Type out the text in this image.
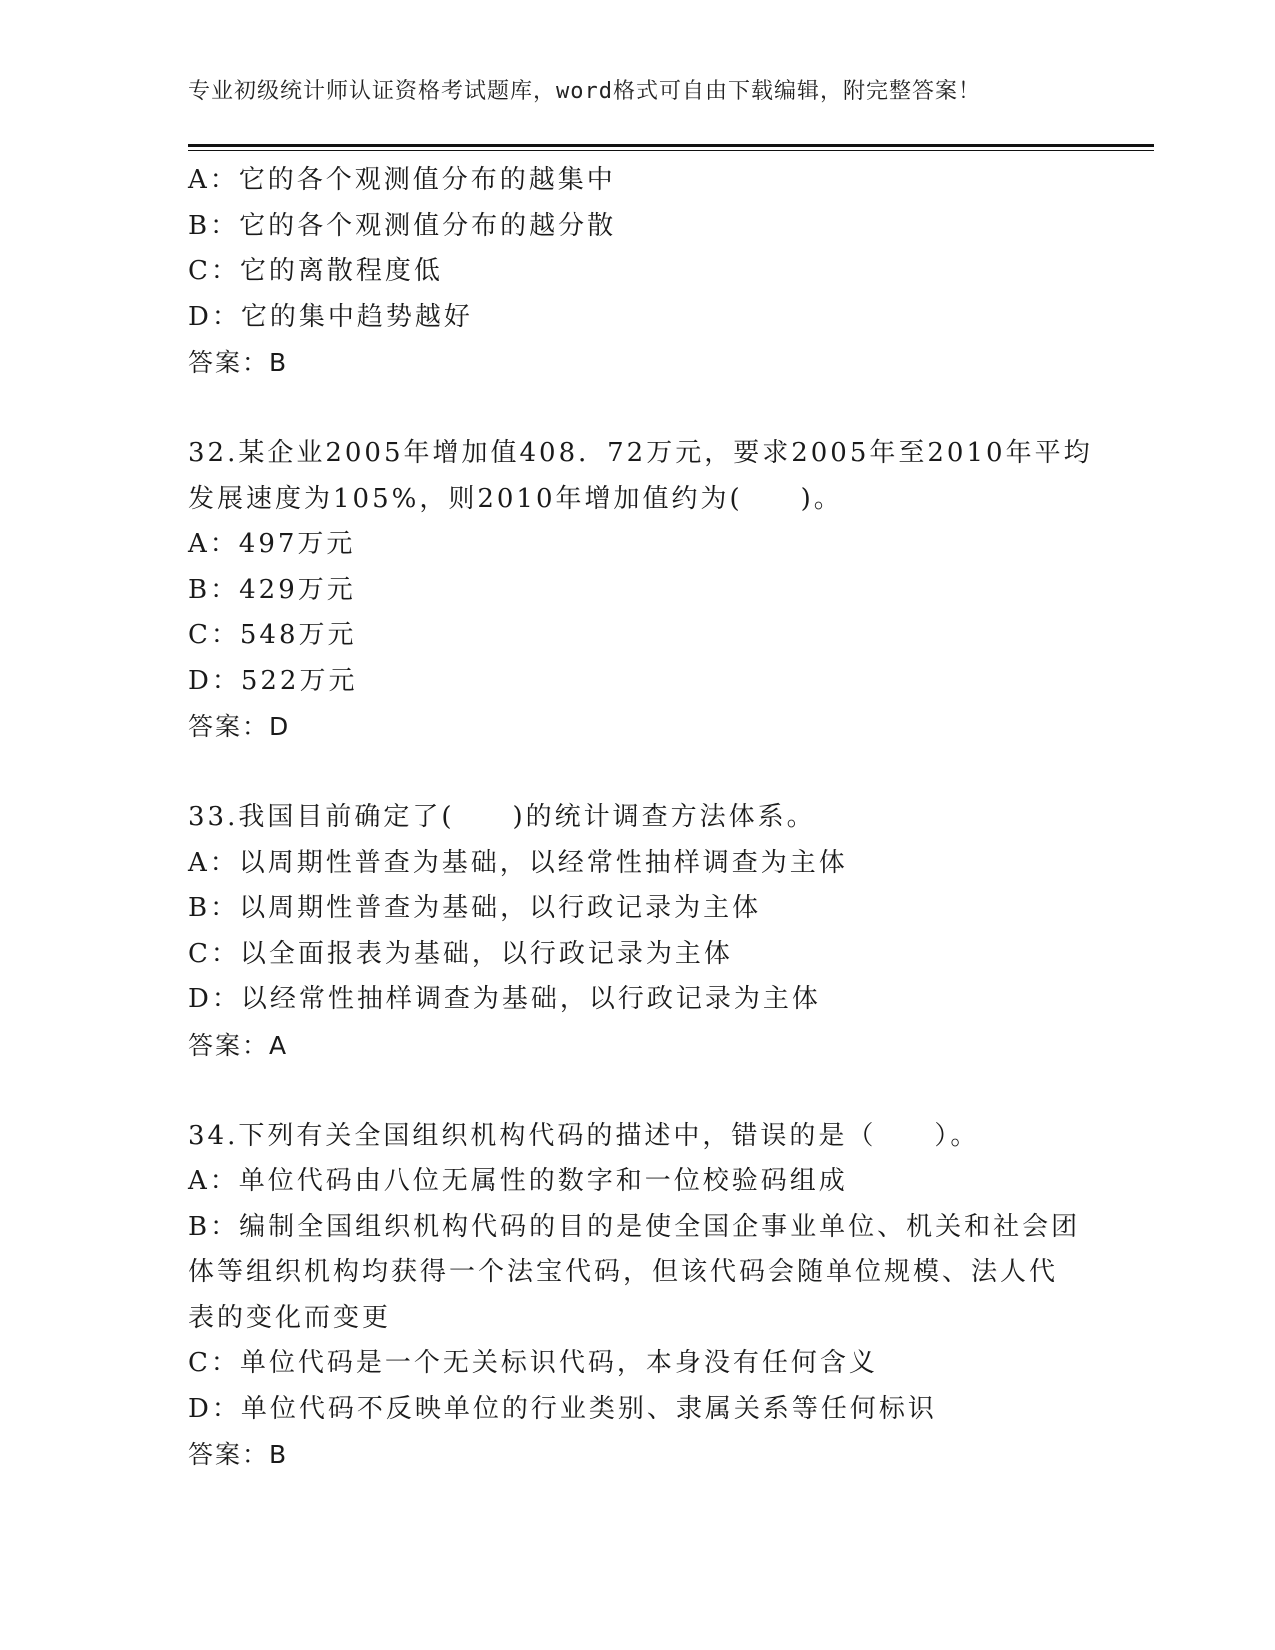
专业初级统计师认证资格考试题库，word格式可自由下载编辑，附完整答案！
A：它的各个观测值分布的越集中
B：它的各个观测值分布的越分散
C：它的离散程度低
D：它的集中趋势越好
答案：B
32.某企业2005年增加值408．72万元，要求2005年至2010年平均
发展速度为105%，则2010年增加值约为(　　)。
A：497万元
B：429万元
C：548万元
D：522万元
答案：D
33.我国目前确定了(　　)的统计调查方法体系。
A：以周期性普查为基础，以经常性抽样调查为主体
B：以周期性普查为基础，以行政记录为主体
C：以全面报表为基础，以行政记录为主体
D：以经常性抽样调查为基础，以行政记录为主体
答案：A
34.下列有关全国组织机构代码的描述中，错误的是（　　）。
A：单位代码由八位无属性的数字和一位校验码组成
B：编制全国组织机构代码的目的是使全国企事业单位、机关和社会团
体等组织机构均获得一个法宝代码，但该代码会随单位规模、法人代
表的变化而变更
C：单位代码是一个无关标识代码，本身没有任何含义
D：单位代码不反映单位的行业类别、隶属关系等任何标识
答案：B
